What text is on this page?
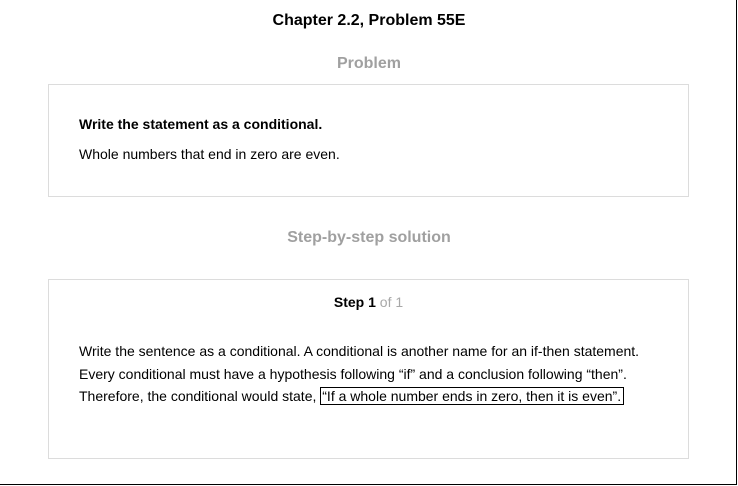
Chapter 2.2, Problem 55E
Problem
Write the statement as a conditional.
Whole numbers that end in zero are even.
Step-by-step solution
Step 1 of 1
Write the sentence as a conditional. A conditional is another name for an if-then statement.
Every conditional must have a hypothesis following “if” and a conclusion following “then”.
Therefore, the conditional would state, “If a whole number ends in zero, then it is even”.
